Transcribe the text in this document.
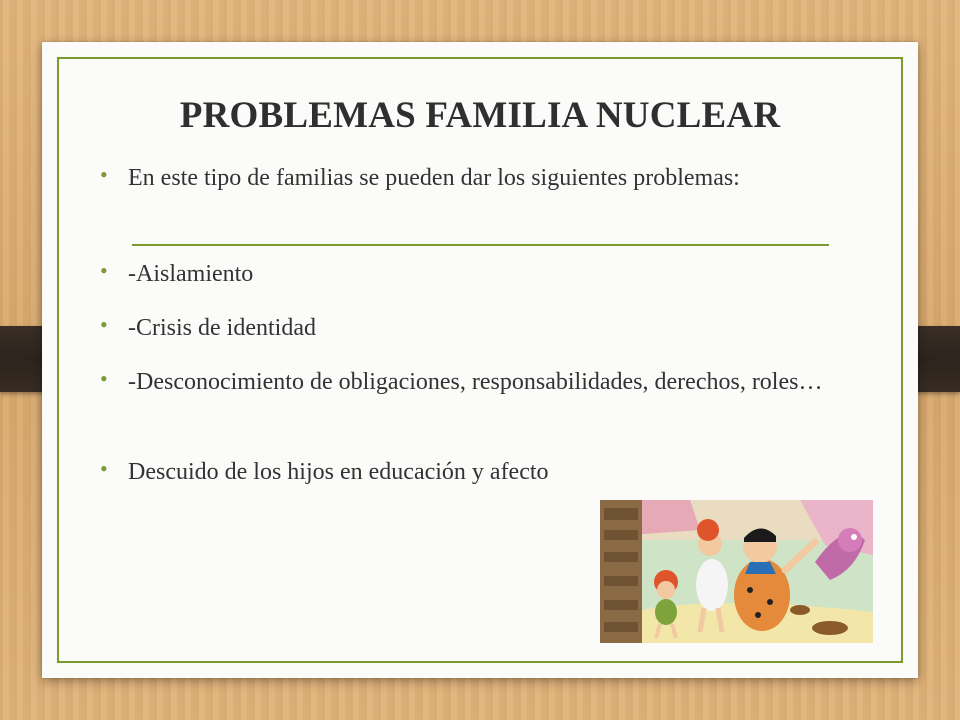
PROBLEMAS FAMILIA NUCLEAR
• En este tipo de familias se pueden dar los siguientes problemas:
• -Aislamiento
• -Crisis de identidad
• -Desconocimiento de obligaciones, responsabilidades, derechos, roles…
• Descuido de los hijos en educación y afecto
